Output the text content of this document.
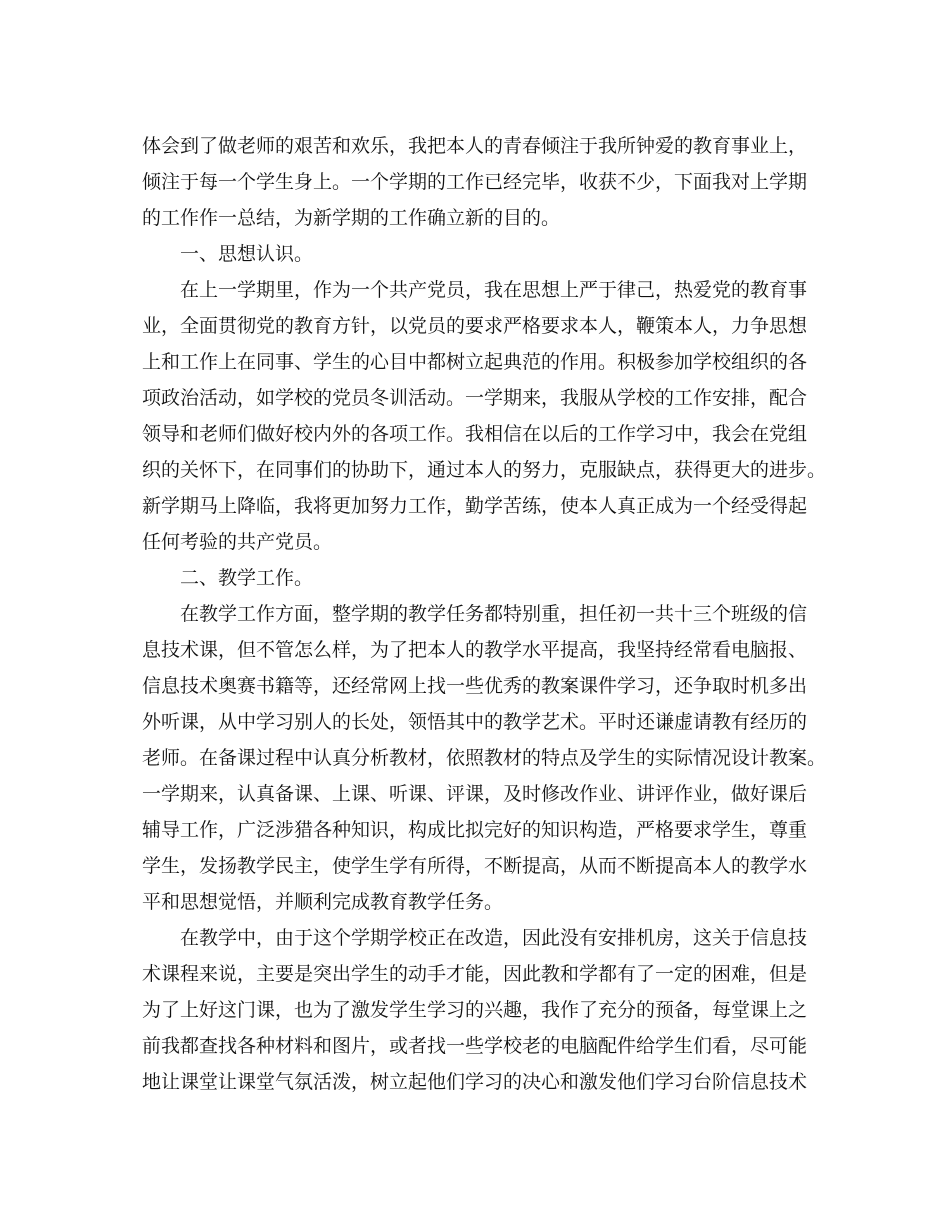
体会到了做老师的艰苦和欢乐，我把本人的青春倾注于我所钟爱的教育事业上，
倾注于每一个学生身上。一个学期的工作已经完毕，收获不少，下面我对上学期
的工作作一总结，为新学期的工作确立新的目的。
一、思想认识。
在上一学期里，作为一个共产党员，我在思想上严于律己，热爱党的教育事
业，全面贯彻党的教育方针，以党员的要求严格要求本人，鞭策本人，力争思想
上和工作上在同事、学生的心目中都树立起典范的作用。积极参加学校组织的各
项政治活动，如学校的党员冬训活动。一学期来，我服从学校的工作安排，配合
领导和老师们做好校内外的各项工作。我相信在以后的工作学习中，我会在党组
织的关怀下，在同事们的协助下，通过本人的努力，克服缺点，获得更大的进步。
新学期马上降临，我将更加努力工作，勤学苦练，使本人真正成为一个经受得起
任何考验的共产党员。
二、教学工作。
在教学工作方面，整学期的教学任务都特别重，担任初一共十三个班级的信
息技术课，但不管怎么样，为了把本人的教学水平提高，我坚持经常看电脑报、
信息技术奥赛书籍等，还经常网上找一些优秀的教案课件学习，还争取时机多出
外听课，从中学习别人的长处，领悟其中的教学艺术。平时还谦虚请教有经历的
老师。在备课过程中认真分析教材，依照教材的特点及学生的实际情况设计教案。
一学期来，认真备课、上课、听课、评课，及时修改作业、讲评作业，做好课后
辅导工作，广泛涉猎各种知识，构成比拟完好的知识构造，严格要求学生，尊重
学生，发扬教学民主，使学生学有所得，不断提高，从而不断提高本人的教学水
平和思想觉悟，并顺利完成教育教学任务。
在教学中，由于这个学期学校正在改造，因此没有安排机房，这关于信息技
术课程来说，主要是突出学生的动手才能，因此教和学都有了一定的困难，但是
为了上好这门课，也为了激发学生学习的兴趣，我作了充分的预备，每堂课上之
前我都查找各种材料和图片，或者找一些学校老的电脑配件给学生们看，尽可能
地让课堂让课堂气氛活泼，树立起他们学习的决心和激发他们学习台阶信息技术
